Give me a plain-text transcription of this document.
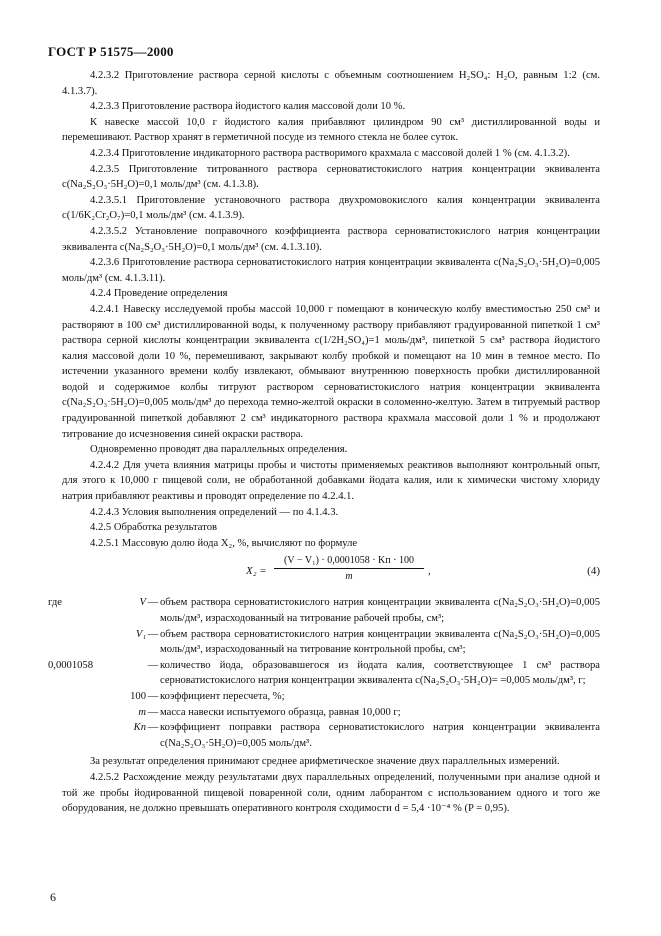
ГОСТ Р 51575—2000

4.2.3.2 Приготовление раствора серной кислоты с объемным соотношением H₂SO₄: H₂O, равным 1:2 (см. 4.1.3.7).

4.2.3.3 Приготовление раствора йодистого калия массовой доли 10 %.

К навеске массой 10,0 г йодистого калия прибавляют цилиндром 90 см³ дистиллированной воды и перемешивают. Раствор хранят в герметичной посуде из темного стекла не более суток.

4.2.3.4 Приготовление индикаторного раствора растворимого крахмала с массовой долей 1 % (см. 4.1.3.2).

4.2.3.5 Приготовление титрованного раствора серноватистокислого натрия концентрации эквивалента c(Na₂S₂O₃·5H₂O)=0,1 моль/дм³ (см. 4.1.3.8).

4.2.3.5.1 Приготовление установочного раствора двухромовокислого калия концентрации эквивалента c(1/6K₂Cr₂O₇)=0,1 моль/дм³ (см. 4.1.3.9).

4.2.3.5.2 Установление поправочного коэффициента раствора серноватистокислого натрия концентрации эквивалента c(Na₂S₂O₃·5H₂O)=0,1 моль/дм³ (см. 4.1.3.10).

4.2.3.6 Приготовление раствора серноватистокислого натрия концентрации эквивалента c(Na₂S₂O₃·5H₂O)=0,005 моль/дм³ (см. 4.1.3.11).

4.2.4 Проведение определения

4.2.4.1 Навеску исследуемой пробы массой 10,000 г помещают в коническую колбу вместимостью 250 см³ и растворяют в 100 см³ дистиллированной воды, к полученному раствору прибавляют градуированной пипеткой 1 см³ раствора серной кислоты концентрации эквивалента c(1/2H₂SO₄)=1 моль/дм³, пипеткой 5 см³ раствора йодистого калия массовой доли 10 %, перемешивают, закрывают колбу пробкой и помещают на 10 мин в темное место. По истечении указанного времени колбу извлекают, обмывают внутреннюю поверхность пробки дистиллированной водой и содержимое колбы титруют раствором серноватистокислого натрия концентрации эквивалента c(Na₂S₂O₃·5H₂O)=0,005 моль/дм³ до перехода темно-желтой окраски в соломенно-желтую. Затем в титруемый раствор градуированной пипеткой добавляют 2 см³ индикаторного раствора крахмала массовой доли 1 % и продолжают титрование до исчезновения синей окраски раствора.

Одновременно проводят два параллельных определения.

4.2.4.2 Для учета влияния матрицы пробы и чистоты применяемых реактивов выполняют контрольный опыт, для этого к 10,000 г пищевой соли, не обработанной добавками йодата калия, или к химически чистому хлориду натрия прибавляют реактивы и проводят определение по 4.2.4.1.

4.2.4.3 Условия выполнения определений — по 4.1.4.3.

4.2.5 Обработка результатов

4.2.5.1 Массовую долю йода X₂, %, вычисляют по формуле

X₂ =
(V − V₁) · 0,0001058 · Kп · 100
m	,	(4)
где	V — объем раствора серноватистокислого натрия концентрации эквивалента c(Na₂S₂O₃·5H₂O)=0,005 моль/дм³, израсходованный на титрование рабочей пробы, см³;
V₁ — объем раствора серноватистокислого натрия концентрации эквивалента c(Na₂S₂O₃·5H₂O)=0,005 моль/дм³, израсходованный на титрование контрольной пробы, см³;
0,0001058	— количество йода, образовавшегося из йодата калия, соответствующее 1 см³ раствора серноватистокислого натрия концентрации эквивалента c(Na₂S₂O₃·5H₂O)= =0,005 моль/дм³, г;
100 — коэффициент пересчета, %;
m — масса навески испытуемого образца, равная 10,000 г;
Kп — коэффициент поправки раствора серноватистокислого натрия концентрации эквивалента c(Na₂S₂O₃·5H₂O)=0,005 моль/дм³.

За результат определения принимают среднее арифметическое значение двух параллельных измерений.

4.2.5.2 Расхождение между результатами двух параллельных определений, полученными при анализе одной и той же пробы йодированной пищевой поваренной соли, одним лаборантом с использованием одного и того же оборудования, не должно превышать оперативного контроля сходимости d = 5,4 ·10⁻⁴ % (P = 0,95).

6
